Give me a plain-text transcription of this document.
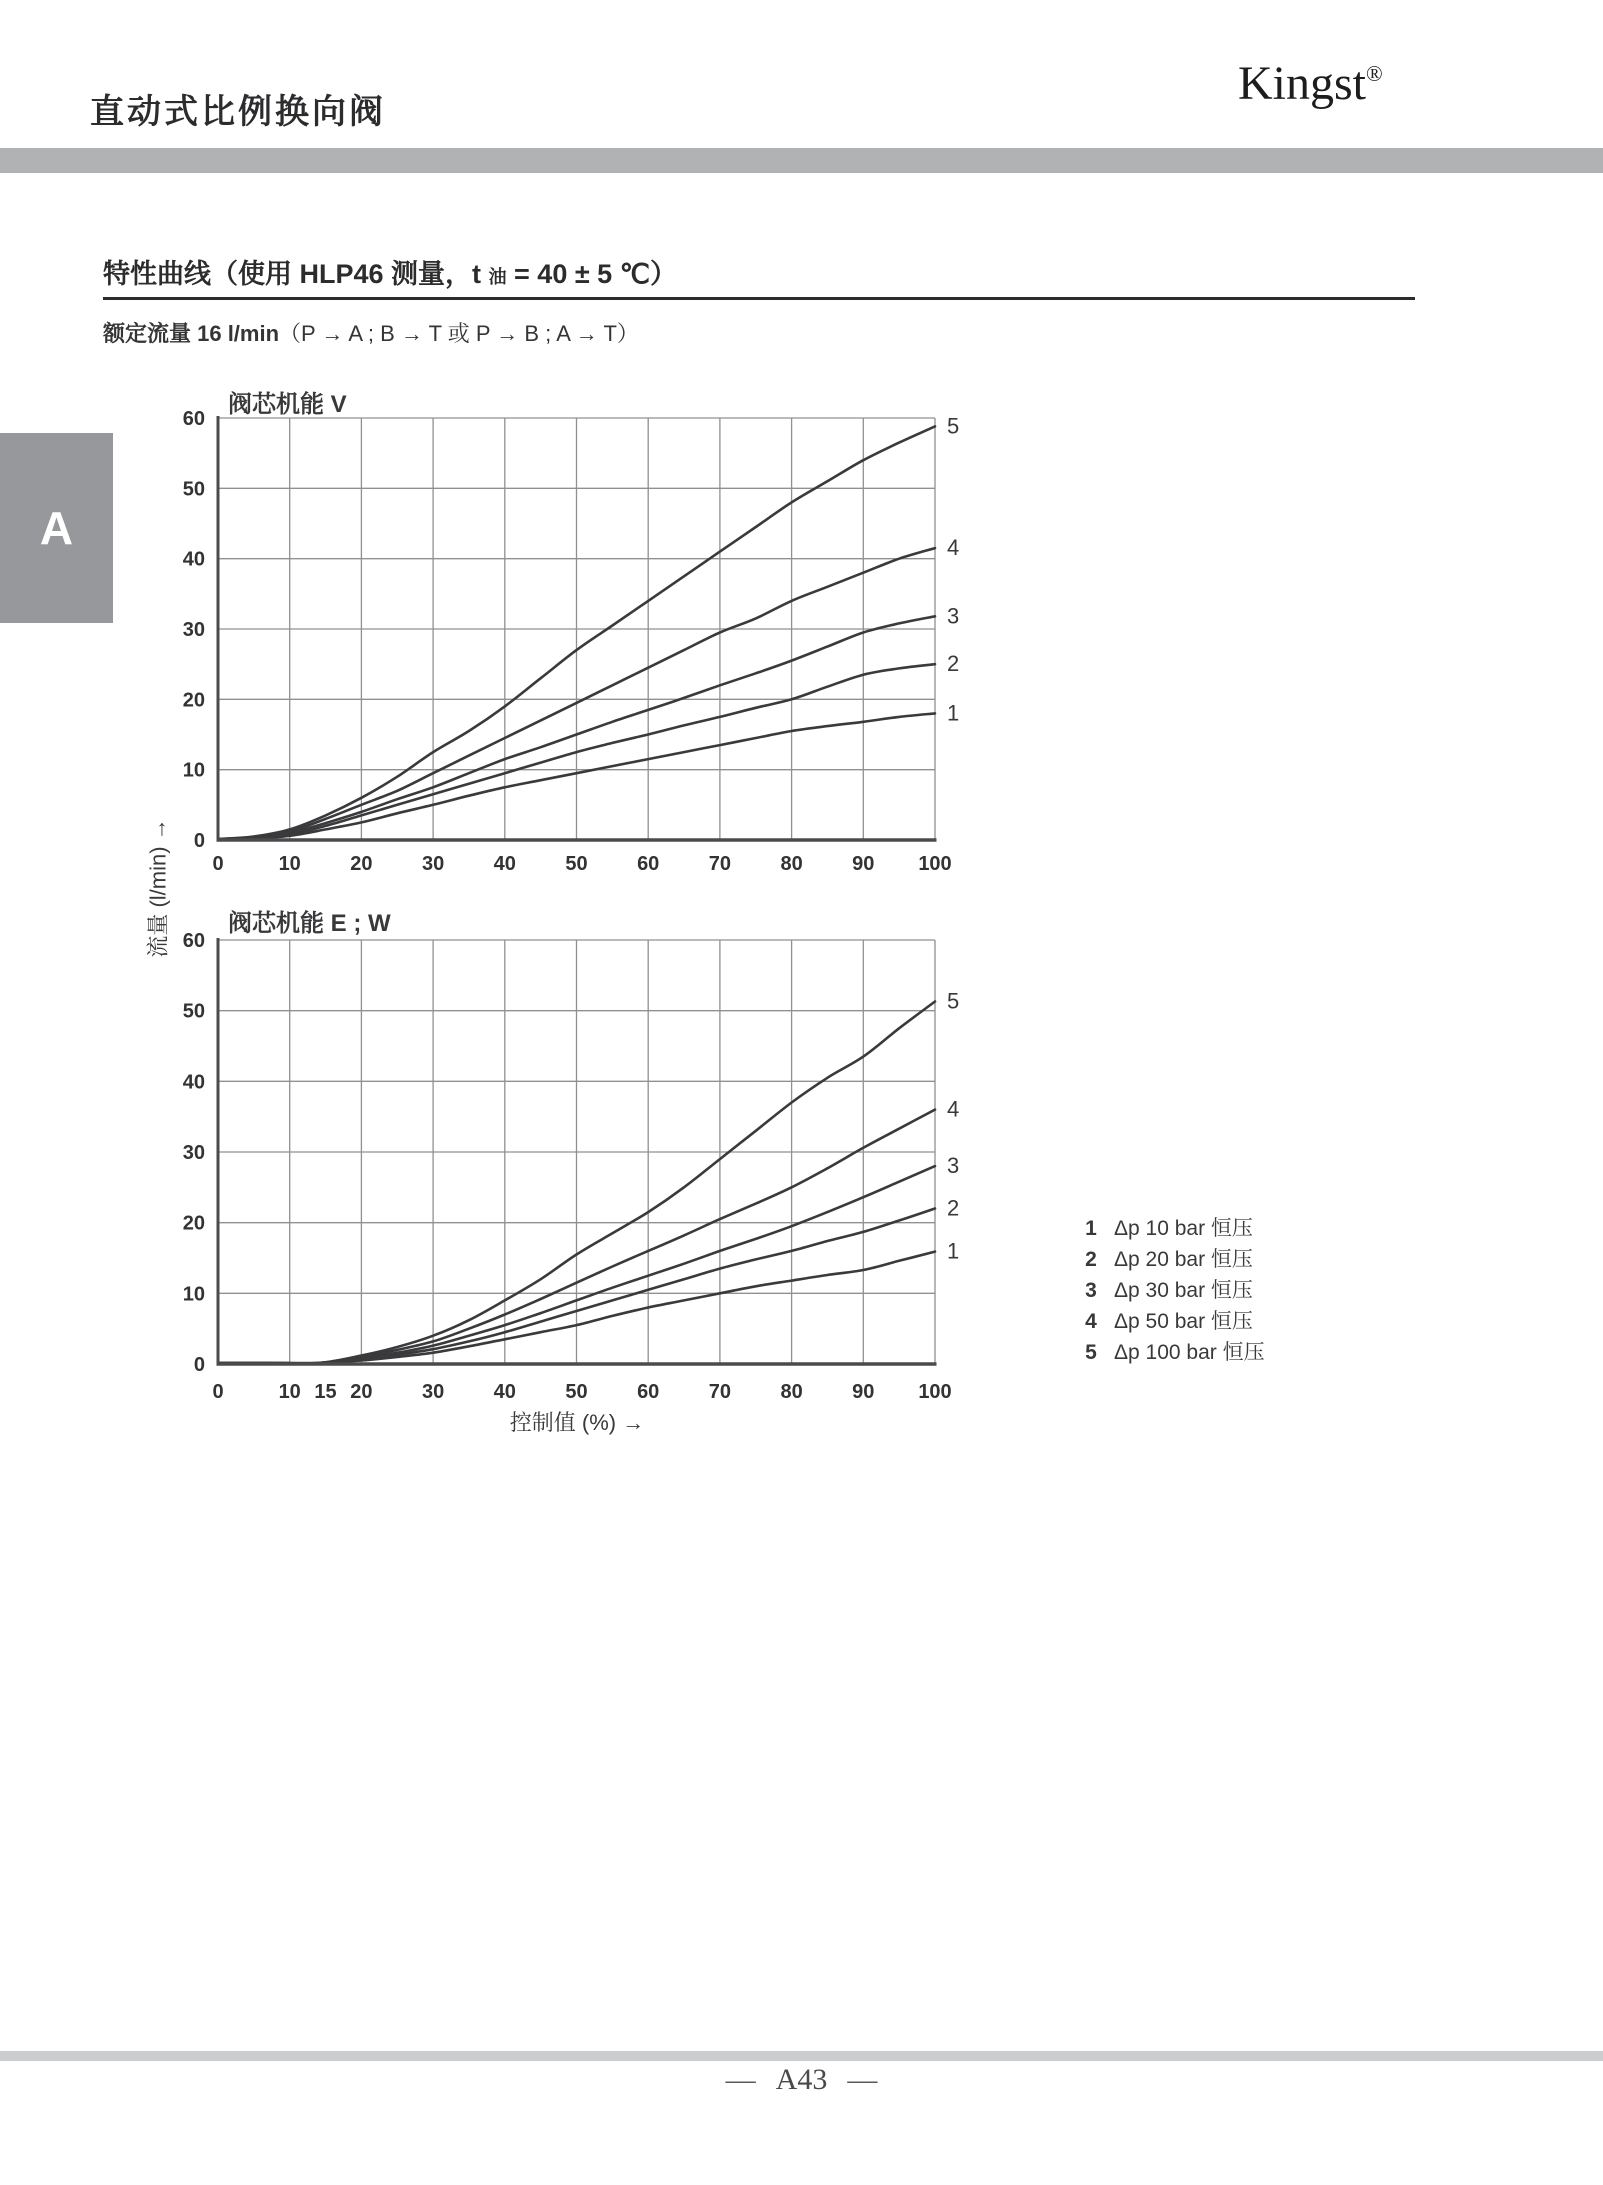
直动式比例换向阀
Kingst®
A
特性曲线（使用 HLP46 测量，t 油 = 40 ± 5 ℃）
额定流量 16 l/min（P → A ; B → T 或 P → B ; A → T）
阀芯机能 V
5
4
3
2
1
0
10
20
30
40
50
60
0	10 20 30 40 50 60 70 80 90 100
阀芯机能 E ; W
5
4
3
2
1
0
10
20
30
40
50
60
0	10 15 20 30 40 50 60 70 80 90 100
流量 (l/min) →
控制值 (%) →
1 Δp 10 bar 恒压
2 Δp 20 bar 恒压
3 Δp 30 bar 恒压
4 Δp 50 bar 恒压
5 Δp 100 bar 恒压
— A43 —
